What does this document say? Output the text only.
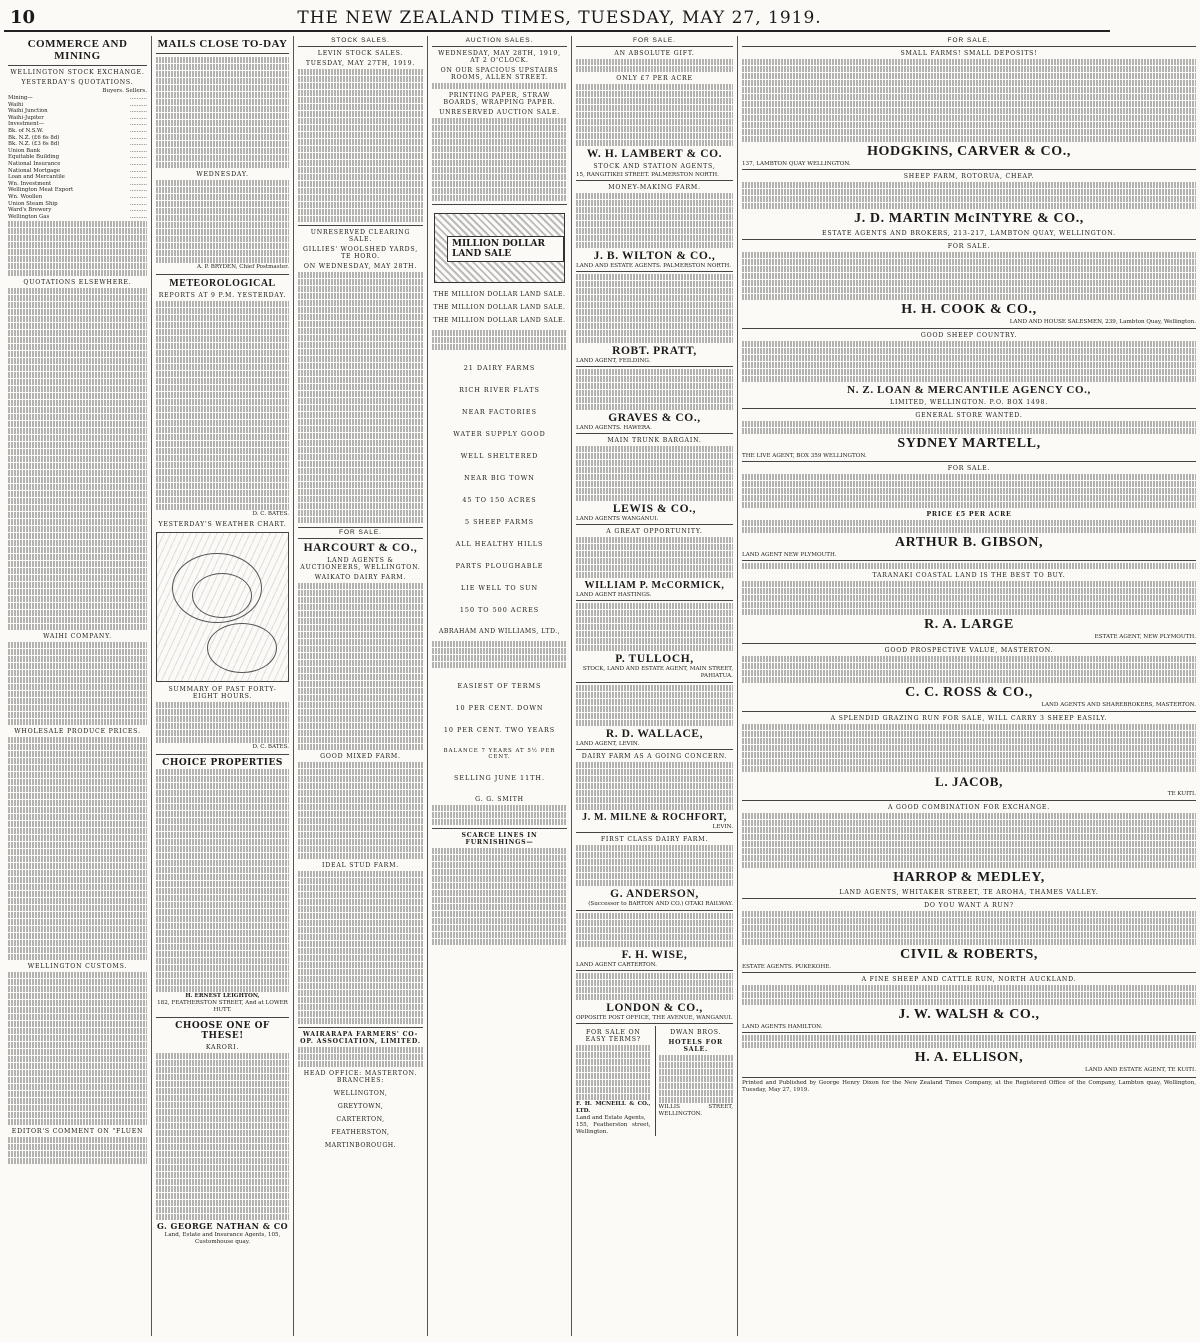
10	THE NEW ZEALAND TIMES, TUESDAY, MAY 27, 1919.
COMMERCE AND MINING
WELLINGTON STOCK EXCHANGE.
YESTERDAY'S QUOTATIONS.
Buyers. Sellers.
Mining—	..........
Waihi	..........
Waihi Junction	..........
Waihi-Jupiter	..........
Investment—	..........
Bk. of N.S.W.	..........
Bk. N.Z. (£6 6s 8d)	..........
Bk. N.Z. (£3 6s 8d)	..........
Union Bank	..........
Equitable Building	..........
National Insurance	..........
National Mortgage	..........
Loan and Mercantile	..........
Wn. Investment	..........
Wellington Meat Export	..........
Wn. Woollen	..........
Union Steam Ship	..........
Ward's Brewery	..........
Wellington Gas	..........
QUOTATIONS ELSEWHERE.
WAIHI COMPANY.
WHOLESALE PRODUCE PRICES.
WELLINGTON CUSTOMS.
EDITOR'S COMMENT ON "FLUEN
MAILS CLOSE TO-DAY
WEDNESDAY.
A. P. BRYDEN, Chief Postmaster.
METEOROLOGICAL
REPORTS AT 9 P.M. YESTERDAY.
D. C. BATES.
YESTERDAY'S WEATHER CHART.
SUMMARY OF PAST FORTY-EIGHT HOURS.
D. C. BATES.
CHOICE PROPERTIES
H. ERNEST LEIGHTON,
182, FEATHERSTON STREET, And at LOWER HUTT.
CHOOSE ONE OF THESE!
KARORI.
G. GEORGE NATHAN & CO
Land, Estate and Insurance Agents, 105, Customhouse quay.
STOCK SALES.
LEVIN STOCK SALES.
TUESDAY, MAY 27TH, 1919.
UNRESERVED CLEARING SALE.
GILLIES' WOOLSHED YARDS, TE HORO.
ON WEDNESDAY, MAY 28TH.
FOR SALE.
HARCOURT & CO.,
LAND AGENTS & AUCTIONEERS, WELLINGTON.
WAIKATO DAIRY FARM.
GOOD MIXED FARM.
IDEAL STUD FARM.
WAIRARAPA FARMERS' CO-OP. ASSOCIATION, LIMITED.
HEAD OFFICE: MASTERTON. BRANCHES:
WELLINGTON,
GREYTOWN,
CARTERTON,
FEATHERSTON,
MARTINBOROUGH.
AUCTION SALES.
WEDNESDAY, MAY 28TH, 1919, AT 2 O'CLOCK.
ON OUR SPACIOUS UPSTAIRS ROOMS, ALLEN STREET.
PRINTING PAPER, STRAW BOARDS, WRAPPING PAPER.
UNRESERVED AUCTION SALE.
MILLION DOLLAR LAND SALE
THE MILLION DOLLAR LAND SALE.
THE MILLION DOLLAR LAND SALE.
THE MILLION DOLLAR LAND SALE.
21 DAIRY FARMS
RICH RIVER FLATS
NEAR FACTORIES
WATER SUPPLY GOOD
WELL SHELTERED
NEAR BIG TOWN
45 TO 150 ACRES
5 SHEEP FARMS
ALL HEALTHY HILLS
PARTS PLOUGHABLE
LIE WELL TO SUN
150 TO 500 ACRES
ABRAHAM AND WILLIAMS, LTD.,
EASIEST OF TERMS
10 PER CENT. DOWN
10 PER CENT. TWO YEARS
BALANCE 7 YEARS AT 5½ PER CENT.
SELLING JUNE 11TH.
G. G. SMITH
SCARCE LINES IN FURNISHINGS—
FOR SALE.
AN ABSOLUTE GIFT.
ONLY £7 PER ACRE
W. H. LAMBERT & CO.
STOCK AND STATION AGENTS,
15, RANGITIKEI STREET. PALMERSTON NORTH.
MONEY-MAKING FARM.
J. B. WILTON & CO.,
LAND AND ESTATE AGENTS. PALMERSTON NORTH.
ROBT. PRATT,
LAND AGENT, FEILDING.
GRAVES & CO.,
LAND AGENTS. HAWERA.
MAIN TRUNK BARGAIN.
LEWIS & CO.,
LAND AGENTS WANGANUI.
A GREAT OPPORTUNITY.
WILLIAM P. McCORMICK,
LAND AGENT HASTINGS.
P. TULLOCH,
STOCK, LAND AND ESTATE AGENT, MAIN STREET, PAHIATUA.
R. D. WALLACE,
LAND AGENT, LEVIN.
DAIRY FARM AS A GOING CONCERN.
J. M. MILNE & ROCHFORT,
LEVIN.
FIRST CLASS DAIRY FARM.
G. ANDERSON,
(Successor to BARTON AND CO.) OTAKI RAILWAY.
F. H. WISE,
LAND AGENT CARTERTON.
LONDON & CO.,
OPPOSITE POST OFFICE, THE AVENUE, WANGANUI.
FOR SALE ON EASY TERMS?
F. H. MCNEILL & CO., LTD.
Land and Estate Agents,
155, Featherston street, Wellington.
DWAN BROS.
HOTELS FOR SALE.
WILLIS STREET, WELLINGTON.
FOR SALE.
SMALL FARMS! SMALL DEPOSITS!
HODGKINS, CARVER & CO.,
137, LAMBTON QUAY WELLINGTON.
SHEEP FARM, ROTORUA, CHEAP.
J. D. MARTIN McINTYRE & CO.,
ESTATE AGENTS AND BROKERS, 213-217, LAMBTON QUAY, WELLINGTON.
FOR SALE.
H. H. COOK & CO.,
LAND AND HOUSE SALESMEN, 239, Lambton Quay, Wellington.
GOOD SHEEP COUNTRY.
N. Z. LOAN & MERCANTILE AGENCY CO.,
LIMITED, WELLINGTON. P.O. BOX 1498.
GENERAL STORE WANTED.
SYDNEY MARTELL,
THE LIVE AGENT, BOX 359 WELLINGTON.
FOR SALE.
PRICE £5 PER ACRE
ARTHUR B. GIBSON,
LAND AGENT NEW PLYMOUTH.
TARANAKI COASTAL LAND IS THE BEST TO BUY.
R. A. LARGE
ESTATE AGENT, NEW PLYMOUTH.
GOOD PROSPECTIVE VALUE, MASTERTON.
C. C. ROSS & CO.,
LAND AGENTS AND SHAREBROKERS, MASTERTON.
A SPLENDID GRAZING RUN FOR SALE, WILL CARRY 3 SHEEP EASILY.
L. JACOB,
TE KUITI.
A GOOD COMBINATION FOR EXCHANGE.
HARROP & MEDLEY,
LAND AGENTS, WHITAKER STREET, TE AROHA, THAMES VALLEY.
DO YOU WANT A RUN?
CIVIL & ROBERTS,
ESTATE AGENTS. PUKEKOHE.
A FINE SHEEP AND CATTLE RUN, NORTH AUCKLAND.
J. W. WALSH & CO.,
LAND AGENTS HAMILTON.
H. A. ELLISON,
LAND AND ESTATE AGENT, TE KUITI.
Printed and Published by George Henry Dixon for the New Zealand Times Company, at the Registered Office of the Company, Lambton quay, Wellington, Tuesday, May 27, 1919.
